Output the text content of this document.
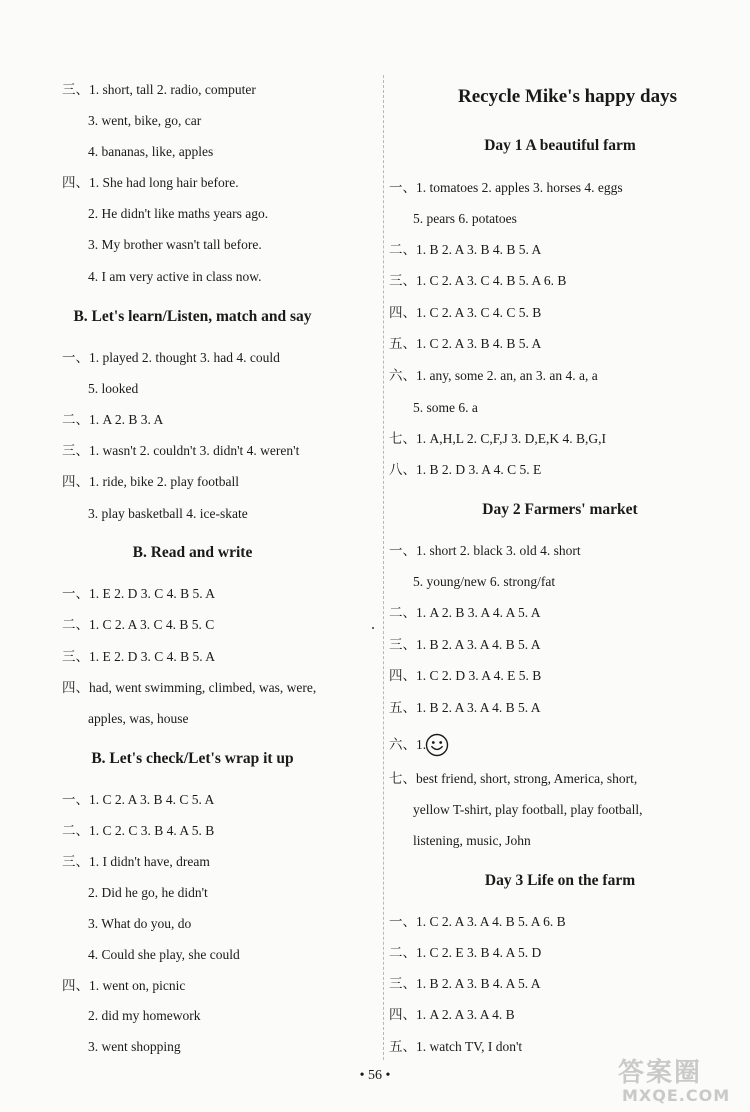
三、1. short, tall 2. radio, computer
3. went, bike, go, car
4. bananas, like, apples
四、1. She had long hair before.
2. He didn't like maths years ago.
3. My brother wasn't tall before.
4. I am very active in class now.
B. Let's learn/Listen, match and say
一、1. played 2. thought 3. had 4. could
5. looked
二、1. A 2. B 3. A
三、1. wasn't 2. couldn't 3. didn't 4. weren't
四、1. ride, bike 2. play football
3. play basketball 4. ice-skate
B. Read and write
一、1. E 2. D 3. C 4. B 5. A
二、1. C 2. A 3. C 4. B 5. C
三、1. E 2. D 3. C 4. B 5. A
四、had, went swimming, climbed, was, were,
apples, was, house
B. Let's check/Let's wrap it up
一、1. C 2. A 3. B 4. C 5. A
二、1. C 2. C 3. B 4. A 5. B
三、1. I didn't have, dream
2. Did he go, he didn't
3. What do you, do
4. Could she play, she could
四、1. went on, picnic
2. did my homework
3. went shopping
Recycle Mike's happy days
Day 1 A beautiful farm
一、1. tomatoes 2. apples 3. horses 4. eggs
5. pears 6. potatoes
二、1. B 2. A 3. B 4. B 5. A
三、1. C 2. A 3. C 4. B 5. A 6. B
四、1. C 2. A 3. C 4. C 5. B
五、1. C 2. A 3. B 4. B 5. A
六、1. any, some 2. an, an 3. an 4. a, a
5. some 6. a
七、1. A,H,L 2. C,F,J 3. D,E,K 4. B,G,I
八、1. B 2. D 3. A 4. C 5. E
Day 2 Farmers' market
一、1. short 2. black 3. old 4. short
5. young/new 6. strong/fat
二、1. A 2. B 3. A 4. A 5. A
三、1. B 2. A 3. A 4. B 5. A
四、1. C 2. D 3. A 4. E 5. B
五、1. B 2. A 3. A 4. B 5. A
六、1.
七、best friend, short, strong, America, short,
yellow T-shirt, play football, play football,
listening, music, John
Day 3 Life on the farm
一、1. C 2. A 3. A 4. B 5. A 6. B
二、1. C 2. E 3. B 4. A 5. D
三、1. B 2. A 3. B 4. A 5. A
四、1. A 2. A 3. A 4. B
五、1. watch TV, I don't
• 56 •	答案圈
MXQE.COM
